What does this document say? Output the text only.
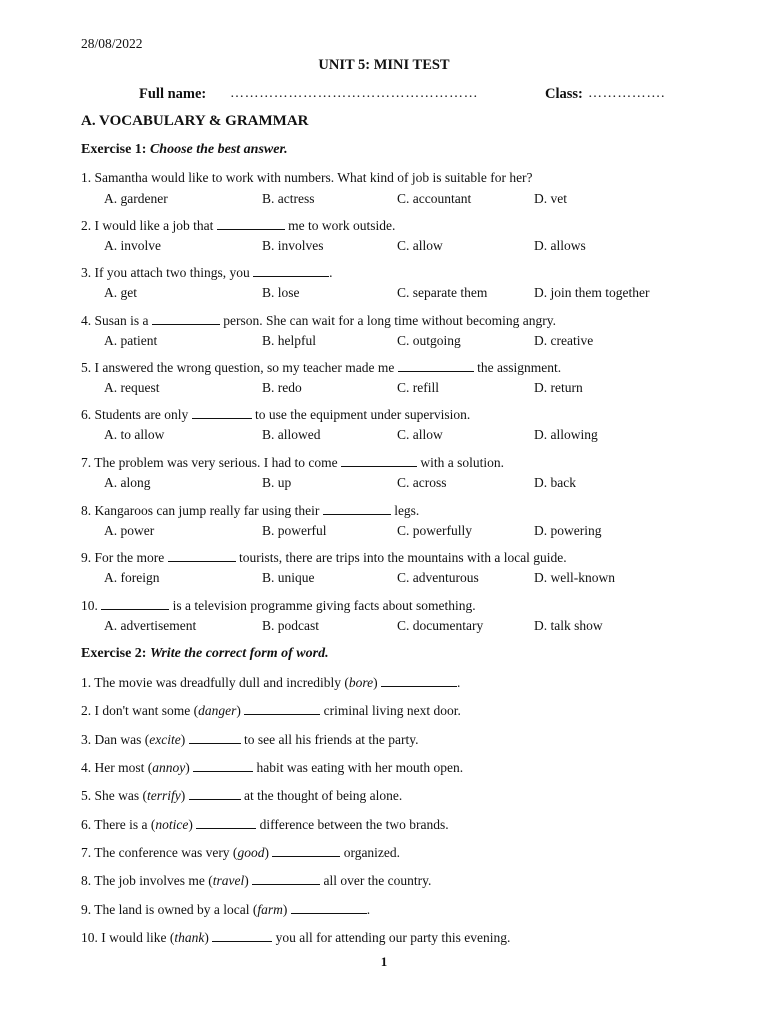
28/08/2022
UNIT 5: MINI TEST
Full name: ……………………………………………	Class: …………….
A. VOCABULARY & GRAMMAR
Exercise 1: Choose the best answer.
1. Samantha would like to work with numbers. What kind of job is suitable for her?
A. gardener	B. actress	C. accountant	D. vet
2. I would like a job that	me to work outside.
A. involve	B. involves	C. allow	D. allows
3. If you attach two things, you	.
A. get	B. lose	C. separate them	D. join them together
4. Susan is a	person. She can wait for a long time without becoming angry.
A. patient	B. helpful	C. outgoing	D. creative
5. I answered the wrong question, so my teacher made me	the assignment.
A. request	B. redo	C. refill	D. return
6. Students are only	to use the equipment under supervision.
A. to allow	B. allowed	C. allow	D. allowing
7. The problem was very serious. I had to come	with a solution.
A. along	B. up	C. across	D. back
8. Kangaroos can jump really far using their	legs.
A. power	B. powerful	C. powerfully	D. powering
9. For the more	tourists, there are trips into the mountains with a local guide.
A. foreign	B. unique	C. adventurous	D. well-known
10.	is a television programme giving facts about something.
A. advertisement	B. podcast	C. documentary	D. talk show
Exercise 2: Write the correct form of word.
1. The movie was dreadfully dull and incredibly (bore)	.
2. I don't want some (danger)	criminal living next door.
3. Dan was (excite)	to see all his friends at the party.
4. Her most (annoy)	habit was eating with her mouth open.
5. She was (terrify)	at the thought of being alone.
6. There is a (notice)	difference between the two brands.
7. The conference was very (good)	organized.
8. The job involves me (travel)	all over the country.
9. The land is owned by a local (farm)	.
10. I would like (thank)	you all for attending our party this evening.
1
